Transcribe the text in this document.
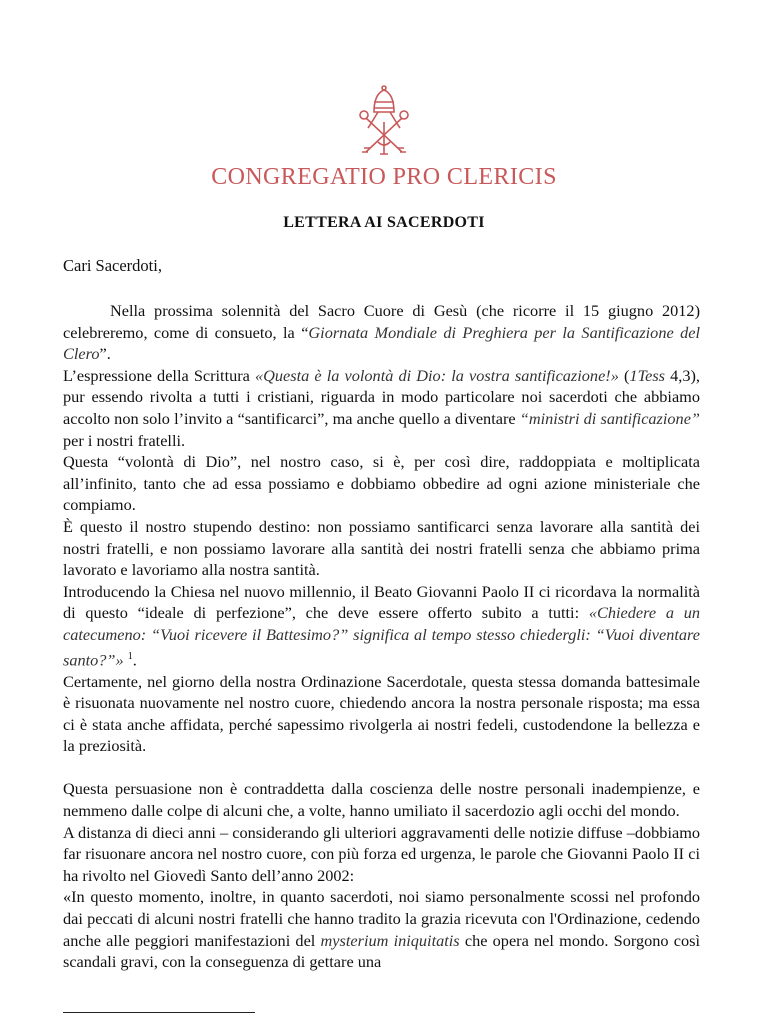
CONGREGATIO PRO CLERICIS
LETTERA AI SACERDOTI
Cari Sacerdoti,

Nella prossima solennità del Sacro Cuore di Gesù (che ricorre il 15 giugno 2012) celebreremo, come di consueto, la “Giornata Mondiale di Preghiera per la Santificazione del Clero”.

L’espressione della Scrittura «Questa è la volontà di Dio: la vostra santificazione!» (1Tess 4,3), pur essendo rivolta a tutti i cristiani, riguarda in modo particolare noi sacerdoti che abbiamo accolto non solo l’invito a “santificarci”, ma anche quello a diventare “ministri di santificazione” per i nostri fratelli.

Questa “volontà di Dio”, nel nostro caso, si è, per così dire, raddoppiata e moltiplicata all’infinito, tanto che ad essa possiamo e dobbiamo obbedire ad ogni azione ministeriale che compiamo.

È questo il nostro stupendo destino: non possiamo santificarci senza lavorare alla santità dei nostri fratelli, e non possiamo lavorare alla santità dei nostri fratelli senza che abbiamo prima lavorato e lavoriamo alla nostra santità.

Introducendo la Chiesa nel nuovo millennio, il Beato Giovanni Paolo II ci ricordava la normalità di questo “ideale di perfezione”, che deve essere offerto subito a tutti: «Chiedere a un catecumeno: “Vuoi ricevere il Battesimo?” significa al tempo stesso chiedergli: “Vuoi diventare santo?”» $^1$.

Certamente, nel giorno della nostra Ordinazione Sacerdotale, questa stessa domanda battesimale è risuonata nuovamente nel nostro cuore, chiedendo ancora la nostra personale risposta; ma essa ci è stata anche affidata, perché sapessimo rivolgerla ai nostri fedeli, custodendone la bellezza e la preziosità.

Questa persuasione non è contraddetta dalla coscienza delle nostre personali inadempienze, e nemmeno dalle colpe di alcuni che, a volte, hanno umiliato il sacerdozio agli occhi del mondo.

A distanza di dieci anni – considerando gli ulteriori aggravamenti delle notizie diffuse –dobbiamo far risuonare ancora nel nostro cuore, con più forza ed urgenza, le parole che Giovanni Paolo II ci ha rivolto nel Giovedì Santo dell’anno 2002:

«In questo momento, inoltre, in quanto sacerdoti, noi siamo personalmente scossi nel profondo dai peccati di alcuni nostri fratelli che hanno tradito la grazia ricevuta con l'Ordinazione, cedendo anche alle peggiori manifestazioni del mysterium iniquitatis che opera nel mondo. Sorgono così scandali gravi, con la conseguenza di gettare una
